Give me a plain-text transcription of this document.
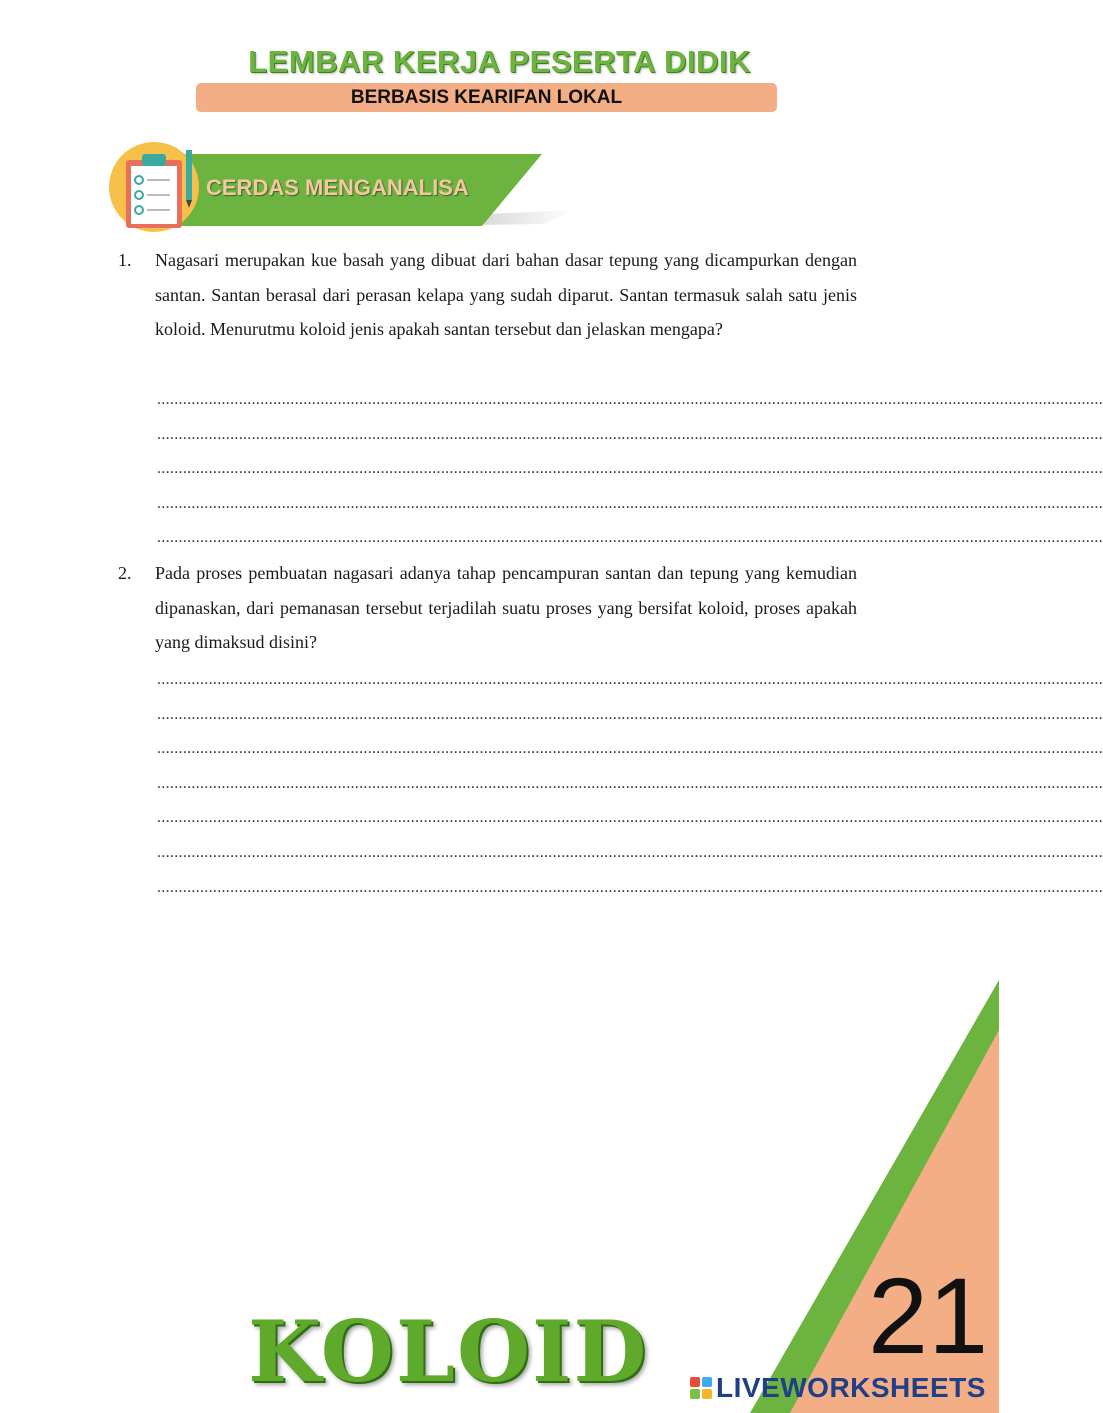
LEMBAR KERJA PESERTA DIDIK
BERBASIS KEARIFAN LOKAL
CERDAS MENGANALISA
1. Nagasari merupakan kue basah yang dibuat dari bahan dasar tepung yang dicampurkan dengan santan. Santan berasal dari perasan kelapa yang sudah diparut. Santan termasuk salah satu jenis koloid. Menurutmu koloid jenis apakah santan tersebut dan jelaskan mengapa?
............................................................................................................................................................................................................................
............................................................................................................................................................................................................................
............................................................................................................................................................................................................................
............................................................................................................................................................................................................................
............................................................................................................................................................................................................................
2. Pada proses pembuatan nagasari adanya tahap pencampuran santan dan tepung yang kemudian dipanaskan, dari pemanasan tersebut terjadilah suatu proses yang bersifat koloid, proses apakah yang dimaksud disini?
............................................................................................................................................................................................................................
............................................................................................................................................................................................................................
............................................................................................................................................................................................................................
............................................................................................................................................................................................................................
............................................................................................................................................................................................................................
............................................................................................................................................................................................................................
............................................................................................................................................................................................................................
KOLOID 21
LIVEWORKSHEETS
